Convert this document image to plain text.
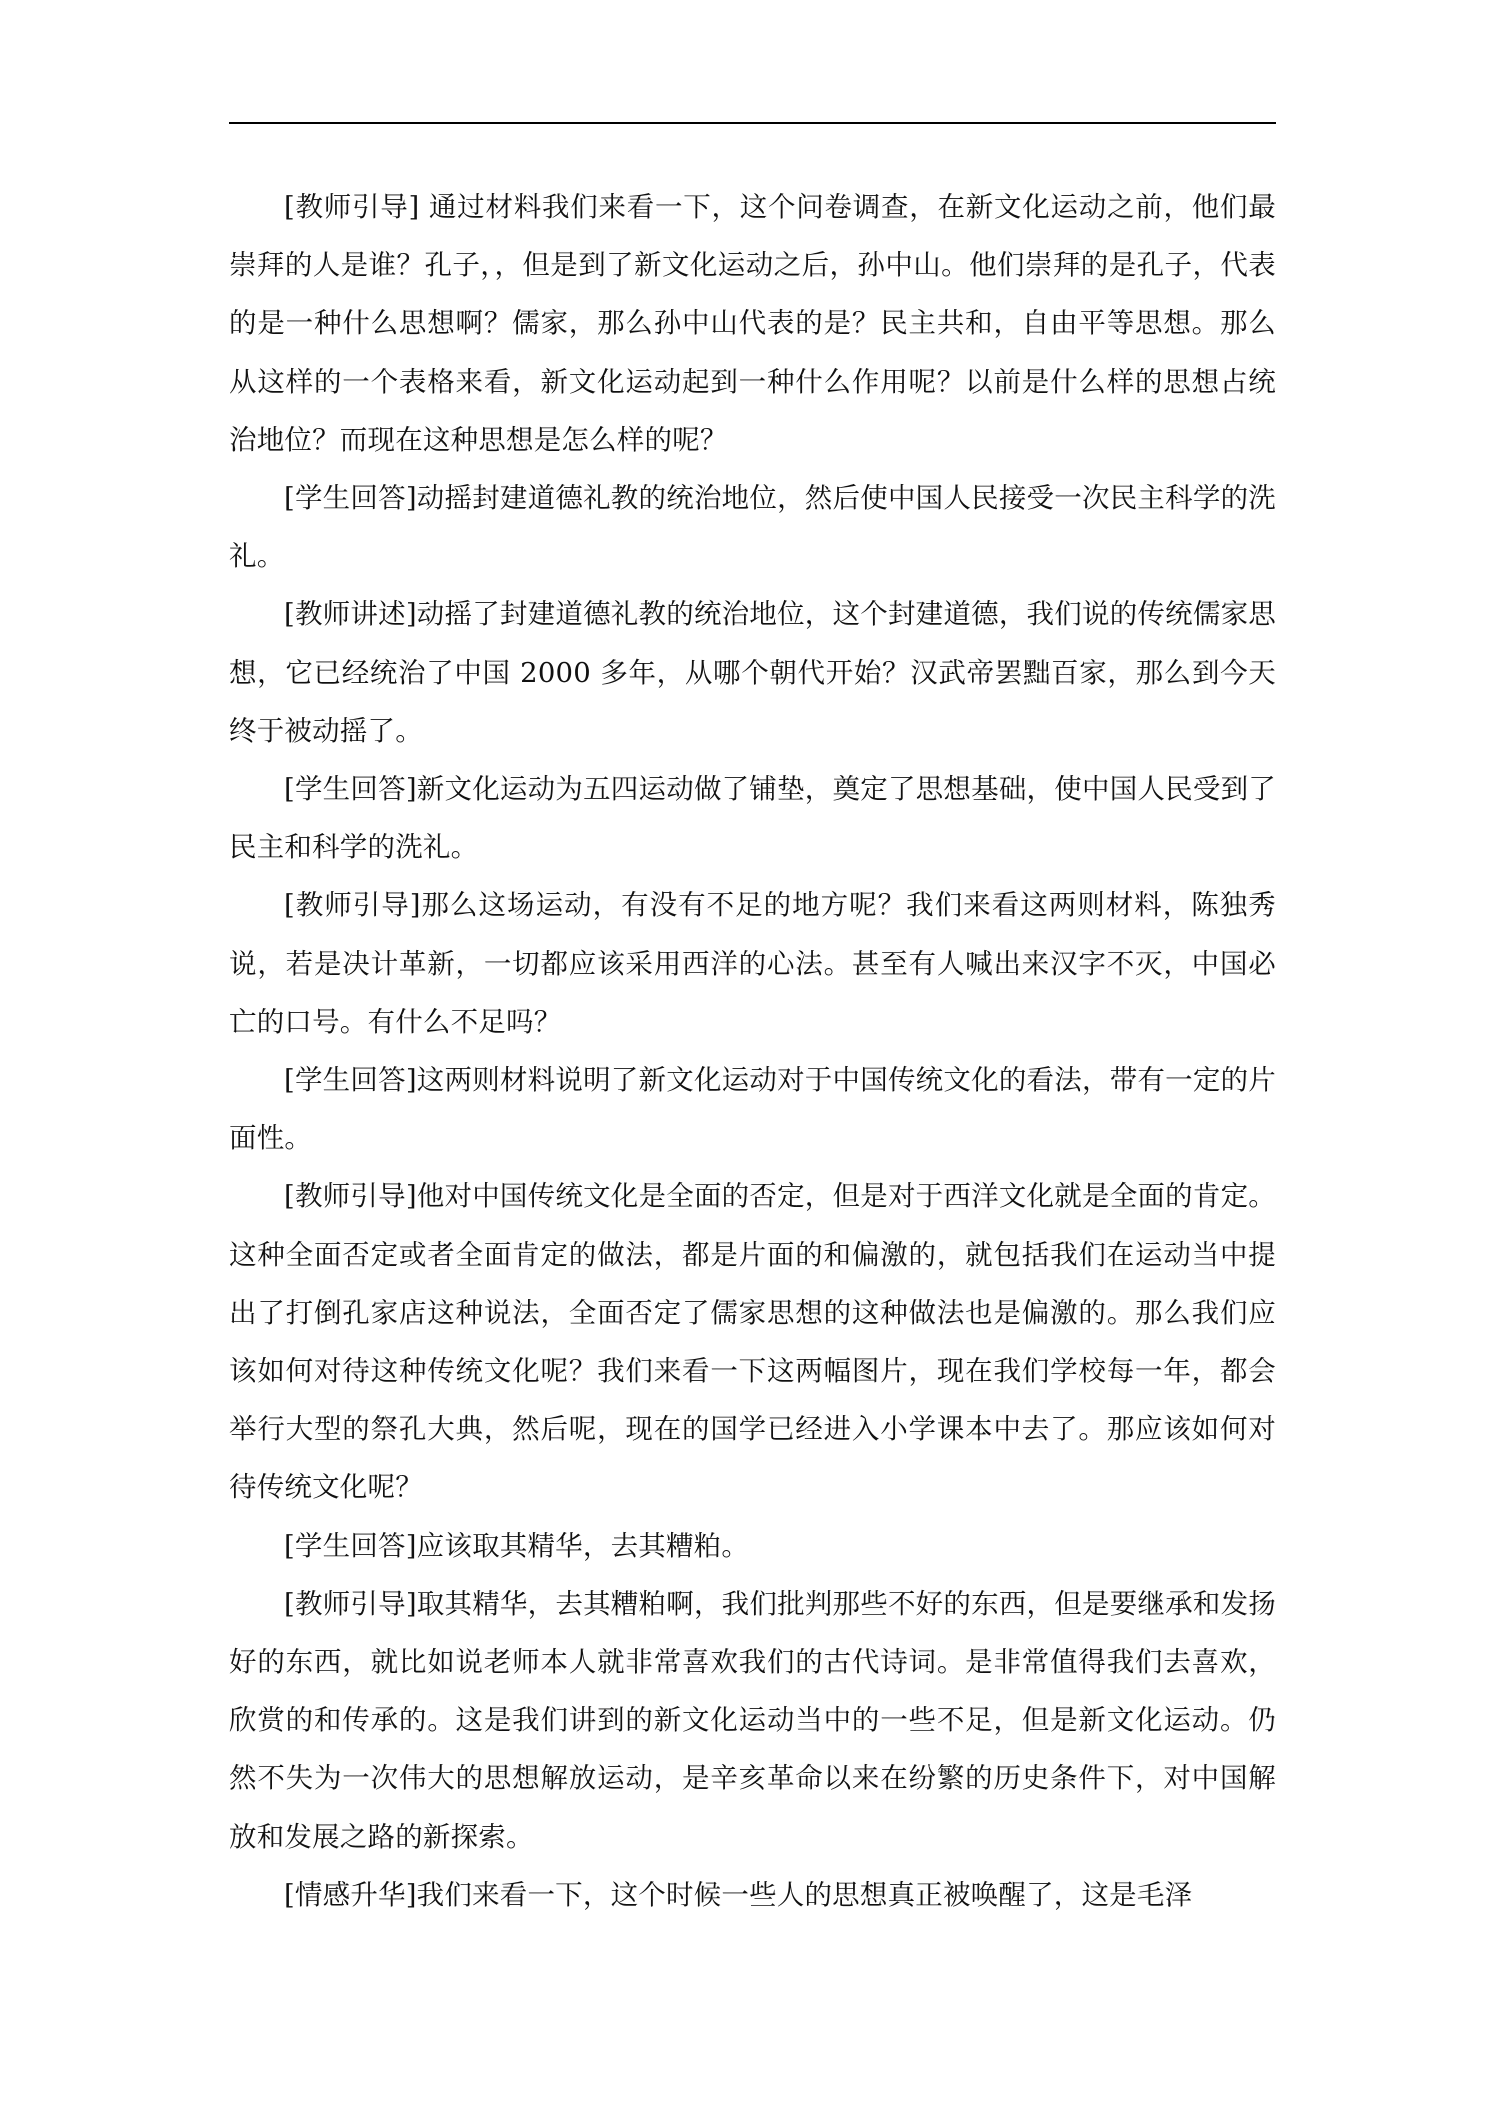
[教师引导] 通过材料我们来看一下，这个问卷调查，在新文化运动之前，他们最崇拜的人是谁？孔子，，但是到了新文化运动之后，孙中山。他们崇拜的是孔子，代表的是一种什么思想啊？儒家，那么孙中山代表的是？民主共和，自由平等思想。那么从这样的一个表格来看，新文化运动起到一种什么作用呢？以前是什么样的思想占统治地位？而现在这种思想是怎么样的呢？

[学生回答]动摇封建道德礼教的统治地位，然后使中国人民接受一次民主科学的洗礼。

[教师讲述]动摇了封建道德礼教的统治地位，这个封建道德，我们说的传统儒家思想，它已经统治了中国 2000 多年，从哪个朝代开始？汉武帝罢黜百家，那么到今天终于被动摇了。

[学生回答]新文化运动为五四运动做了铺垫，奠定了思想基础，使中国人民受到了民主和科学的洗礼。

[教师引导]那么这场运动，有没有不足的地方呢？我们来看这两则材料，陈独秀说，若是决计革新，一切都应该采用西洋的心法。甚至有人喊出来汉字不灭，中国必亡的口号。有什么不足吗？

[学生回答]这两则材料说明了新文化运动对于中国传统文化的看法，带有一定的片面性。

[教师引导]他对中国传统文化是全面的否定，但是对于西洋文化就是全面的肯定。这种全面否定或者全面肯定的做法，都是片面的和偏激的，就包括我们在运动当中提出了打倒孔家店这种说法，全面否定了儒家思想的这种做法也是偏激的。那么我们应该如何对待这种传统文化呢？我们来看一下这两幅图片，现在我们学校每一年，都会举行大型的祭孔大典，然后呢，现在的国学已经进入小学课本中去了。那应该如何对待传统文化呢？

[学生回答]应该取其精华，去其糟粕。

[教师引导]取其精华，去其糟粕啊，我们批判那些不好的东西，但是要继承和发扬好的东西，就比如说老师本人就非常喜欢我们的古代诗词。是非常值得我们去喜欢，欣赏的和传承的。这是我们讲到的新文化运动当中的一些不足，但是新文化运动。仍然不失为一次伟大的思想解放运动，是辛亥革命以来在纷繁的历史条件下，对中国解放和发展之路的新探索。

[情感升华]我们来看一下，这个时候一些人的思想真正被唤醒了，这是毛泽
